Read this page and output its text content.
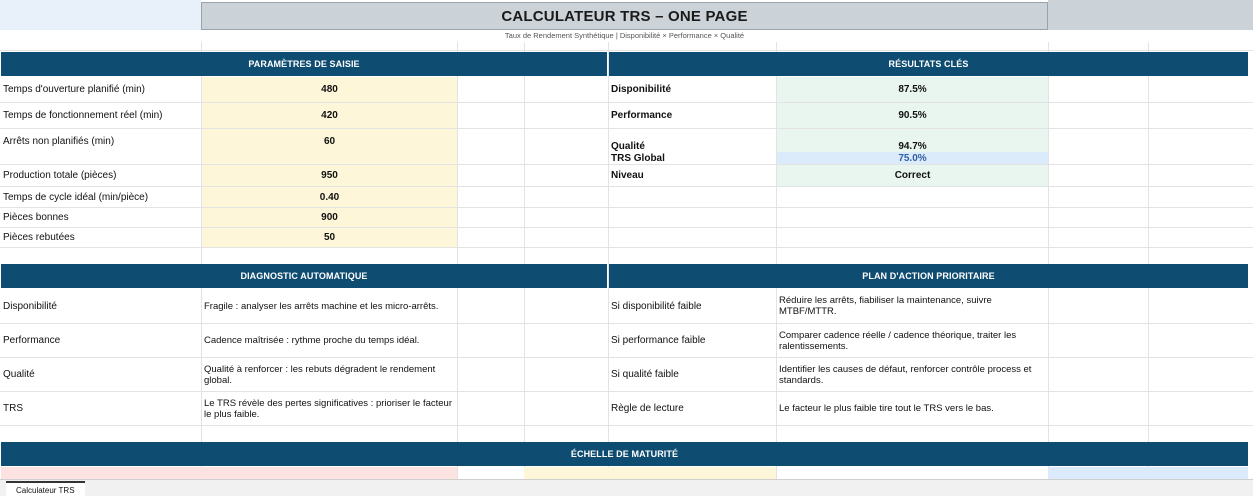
CALCULATEUR TRS – ONE PAGE
Taux de Rendement Synthétique | Disponibilité × Performance × Qualité
PARAMÈTRES DE SAISIE
Temps d'ouverture planifié (min)	480
Temps de fonctionnement réel (min)	420
Arrêts non planifiés (min)	60
Production totale (pièces)	950
Temps de cycle idéal (min/pièce)	0.40
Pièces bonnes	900
Pièces rebutées	50
RÉSULTATS CLÉS
Disponibilité	87.5%
Performance	90.5%
Qualité	94.7%
TRS Global	75.0%
Niveau	Correct
DIAGNOSTIC AUTOMATIQUE
Disponibilité	Fragile : analyser les arrêts machine et les micro-arrêts.
Performance	Cadence maîtrisée : rythme proche du temps idéal.
Qualité	Qualité à renforcer : les rebuts dégradent le rendement global.
TRS	Le TRS révèle des pertes significatives : prioriser le facteur le plus faible.
PLAN D'ACTION PRIORITAIRE
Si disponibilité faible	Réduire les arrêts, fiabiliser la maintenance, suivre MTBF/MTTR.
Si performance faible	Comparer cadence réelle / cadence théorique, traiter les ralentissements.
Si qualité faible	Identifier les causes de défaut, renforcer contrôle process et standards.
Règle de lecture	Le facteur le plus faible tire tout le TRS vers le bas.
ÉCHELLE DE MATURITÉ
Calculateur TRS
